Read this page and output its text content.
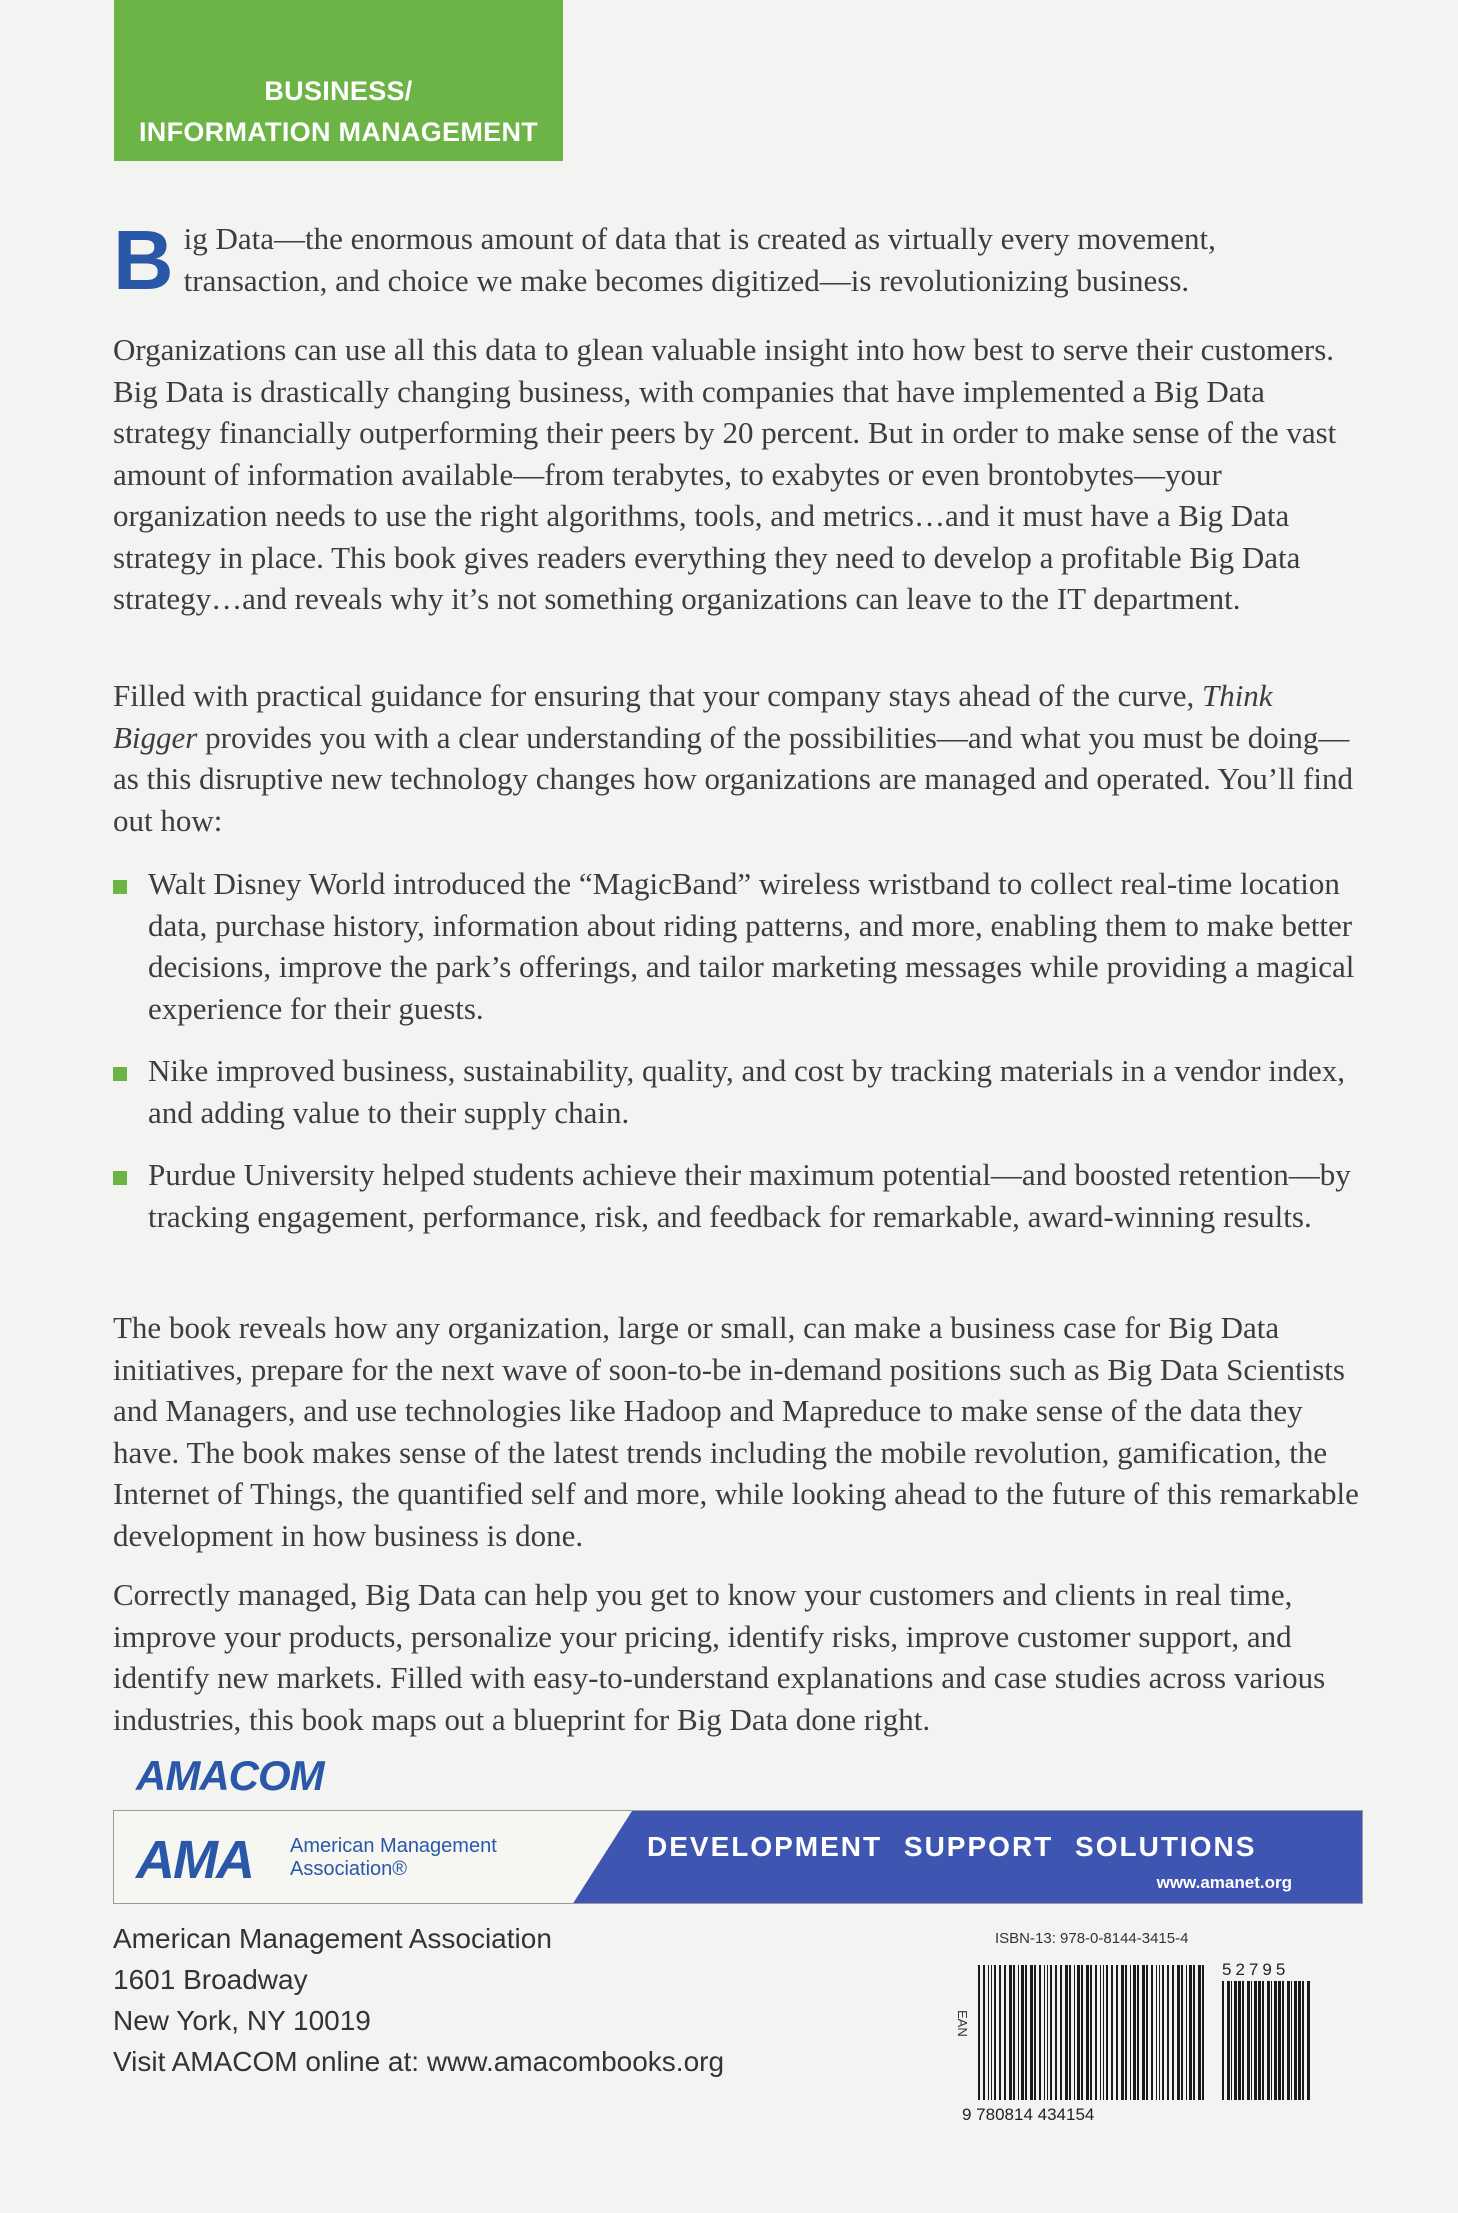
BUSINESS/
INFORMATION MANAGEMENT

Big Data—the enormous amount of data that is created as virtually every movement, transaction, and choice we make becomes digitized—is revolutionizing business.

Organizations can use all this data to glean valuable insight into how best to serve their customers. Big Data is drastically changing business, with companies that have implemented a Big Data strategy financially outperforming their peers by 20 percent. But in order to make sense of the vast amount of information available—from terabytes, to exabytes or even brontobytes—your organization needs to use the right algorithms, tools, and metrics…and it must have a Big Data strategy in place. This book gives readers everything they need to develop a profitable Big Data strategy…and reveals why it’s not something organizations can leave to the IT department.

Filled with practical guidance for ensuring that your company stays ahead of the curve, Think Bigger provides you with a clear understanding of the possibilities—and what you must be doing—as this disruptive new technology changes how organizations are managed and operated. You’ll find out how:

Walt Disney World introduced the “MagicBand” wireless wristband to collect real-time location data, purchase history, information about riding patterns, and more, enabling them to make better decisions, improve the park’s offerings, and tailor marketing messages while providing a magical experience for their guests.
Nike improved business, sustainability, quality, and cost by tracking materials in a vendor index, and adding value to their supply chain.
Purdue University helped students achieve their maximum potential—and boosted retention—by tracking engagement, performance, risk, and feedback for remarkable, award-winning results.

The book reveals how any organization, large or small, can make a business case for Big Data initiatives, prepare for the next wave of soon-to-be in-demand positions such as Big Data Scientists and Managers, and use technologies like Hadoop and Mapreduce to make sense of the data they have. The book makes sense of the latest trends including the mobile revolution, gamification, the Internet of Things, the quantified self and more, while looking ahead to the future of this remarkable development in how business is done.

Correctly managed, Big Data can help you get to know your customers and clients in real time, improve your products, personalize your pricing, identify risks, improve customer support, and identify new markets. Filled with easy-to-understand explanations and case studies across various industries, this book maps out a blueprint for Big Data done right.

AMACOM
AMA American Management
Association®
DEVELOPMENT SUPPORT SOLUTIONS
www.amanet.org
American Management Association
1601 Broadway
New York, NY 10019
Visit AMACOM online at: www.amacombooks.org
ISBN-13: 978-0-8144-3415-4
EAN
9 780814 434154
52795
